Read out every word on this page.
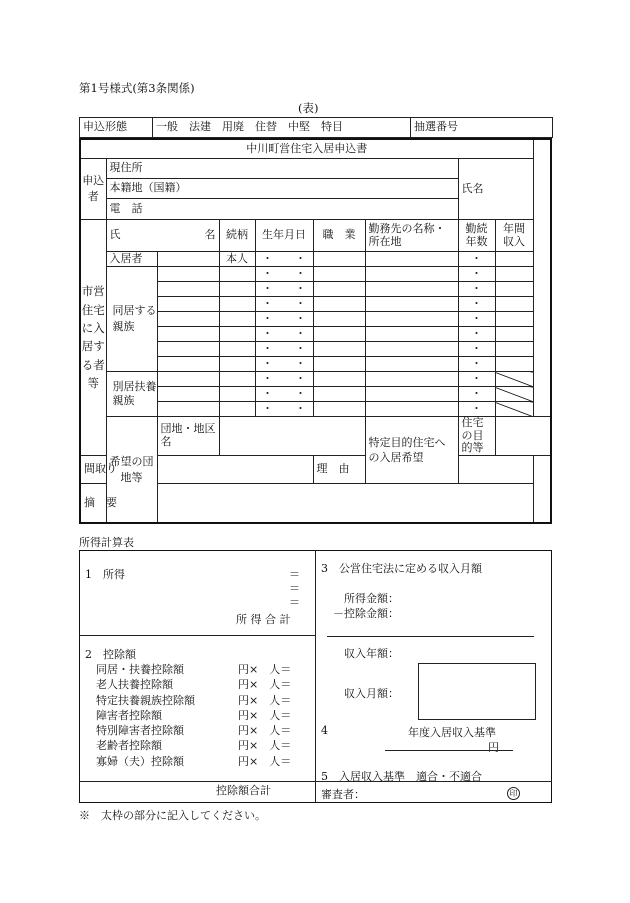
第1号様式(第3条関係)
(表)
申込形態	一般　法建　用廃　住替　中堅　特目	抽選番号
中川町営住宅入居申込書								
申込者	現住所						氏名	
	本籍地（国籍）							
	電　話							
市営住宅に入居する者等	氏 名		続柄	生年月日	職　業	勤務先の名称・所在地	勤続年数	年間収入
	入居者		本人	・　　 ・			・	
	同居する親族			・　　 ・			・	
				・　　 ・			・	
				・　　 ・			・	
				・　　 ・			・	
				・　　 ・			・	
				・　　 ・			・	
				・　　 ・			・	
	別居扶養親族			・　　 ・			・	
				・　　 ・			・	
				・　　 ・			・	
	希望の団地等	団地・地区名				特定目的住宅への入居希望	住宅の目的等	
間取り					理　由			
摘　要								
所得計算表
1　所得	＝
＝
＝
所 得 合 計
2　控除額
同居・扶養控除額	円×　人＝
老人扶養控除額	円×　人＝
特定扶養親族控除額	円×　人＝
障害者控除額	円×　人＝
特別障害者控除額	円×　人＝
老齢者控除額	円×　人＝
寡婦（夫）控除額	円×　人＝
控除額合計
3　公営住宅法に定める収入月額
所得金額：
－控除金額：
収入年額：
収入月額：
4	年度入居収入基準
円
5　入居収入基準　適合・不適合
審査者：	印
※　太枠の部分に記入してください。
